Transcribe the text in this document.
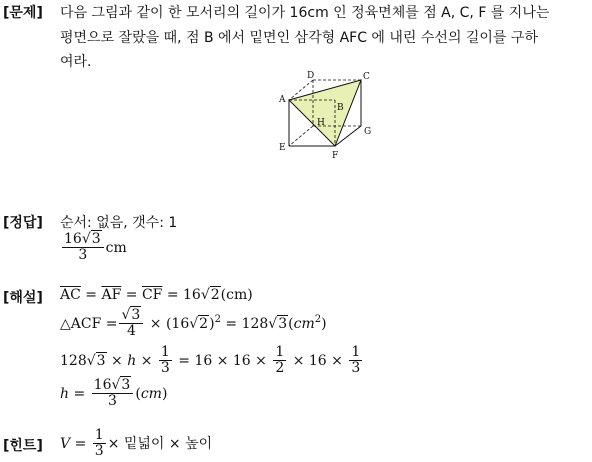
[문제] 다음 그림과 같이 한 모서리의 길이가 16cm 인 정육면체를 점 A, C, F 를 지나는
평면으로 잘랐을 때, 점 B 에서 밑면인 삼각형 AFC 에 내린 수선의 길이를 구하
여라.
D	C
A
B
H
G
E
F
[정답] 순서: 없음, 갯수: 1
$\frac{16√3}{3}$ cm
[해설] $\overline{AC} = \overline{AF} = \overline{CF} = 16√2(cm)$
△ACF = $\frac{√3}{4} \times (16√2)^2 = 128√3(cm^2)$
$128√3 \times h \times \frac{1}{3} = 16 \times 16 \times \frac{1}{2} \times 16 \times \frac{1}{3}$
$h = \frac{16√3}{3} (cm)$
[힌트] $V = \frac{1}{3}$ × 밑넓이 × 높이
